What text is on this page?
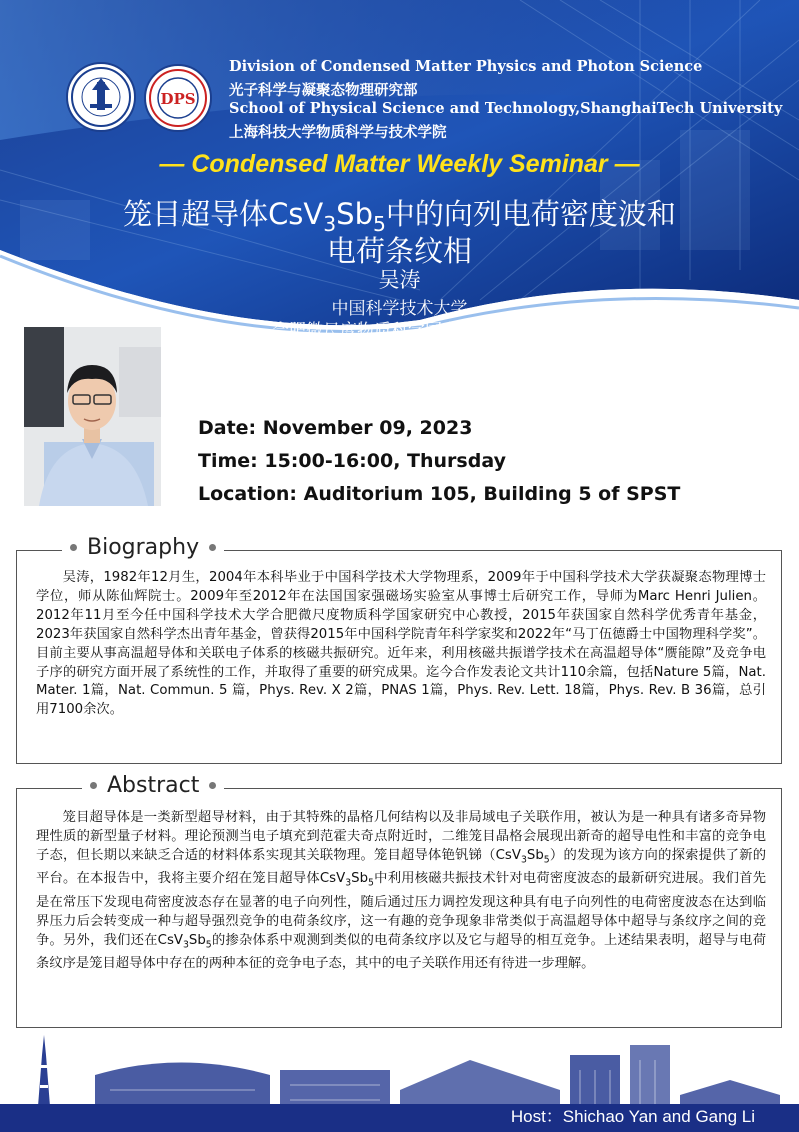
DPS
Division of Condensed Matter Physics and Photon Science
光子科学与凝聚态物理研究部
School of Physical Science and Technology,ShanghaiTech University
上海科技大学物质科学与技术学院
— Condensed Matter Weekly Seminar —
笼目超导体$CsV_3Sb_5$中的向列电荷密度波和
电荷条纹相
吴涛
中国科学技术大学
合肥微尺度物质科学国家研究中心
Date: November 09, 2023
Time: 15:00-16:00, Thursday
Location: Auditorium 105, Building 5 of SPST
Biography
吴涛，1982年12月生，2004年本科毕业于中国科学技术大学物理系，2009年于中国科学技术大学获凝聚态物理博士学位，师从陈仙辉院士。2009年至2012年在法国国家强磁场实验室从事博士后研究工作，导师为Marc Henri Julien。2012年11月至今任中国科学技术大学合肥微尺度物质科学国家研究中心教授，2015年获国家自然科学优秀青年基金，2023年获国家自然科学杰出青年基金，曾获得2015年中国科学院青年科学家奖和2022年“马丁伍德爵士中国物理科学奖”。目前主要从事高温超导体和关联电子体系的核磁共振研究。近年来，利用核磁共振谱学技术在高温超导体“赝能隙”及竞争电子序的研究方面开展了系统性的工作，并取得了重要的研究成果。迄今合作发表论文共计110余篇，包括Nature 5篇，Nat. Mater. 1篇，Nat. Commun. 5 篇，Phys. Rev. X 2篇，PNAS 1篇，Phys. Rev. Lett. 18篇，Phys. Rev. B 36篇，总引用7100余次。
Abstract
笼目超导体是一类新型超导材料，由于其特殊的晶格几何结构以及非局域电子关联作用，被认为是一种具有诸多奇异物理性质的新型量子材料。理论预测当电子填充到范霍夫奇点附近时，二维笼目晶格会展现出新奇的超导电性和丰富的竞争电子态，但长期以来缺乏合适的材料体系实现其关联物理。笼目超导体铯钒锑$(CsV_3Sb_5)$的发现为该方向的探索提供了新的平台。在本报告中，我将主要介绍在笼目超导体$CsV_3Sb_5$中利用核磁共振技术针对电荷密度波态的最新研究进展。我们首先是在常压下发现电荷密度波态存在显著的电子向列性，随后通过压力调控发现这种具有电子向列性的电荷密度波态在达到临界压力后会转变成一种与超导强烈竞争的电荷条纹序，这一有趣的竞争现象非常类似于高温超导体中超导与条纹序之间的竞争。另外，我们还在$CsV_3Sb_5$的掺杂体系中观测到类似的电荷条纹序以及它与超导的相互竞争。上述结果表明，超导与电荷条纹序是笼目超导体中存在的两种本征的竞争电子态，其中的电子关联作用还有待进一步理解。
Host：Shichao Yan and Gang Li
